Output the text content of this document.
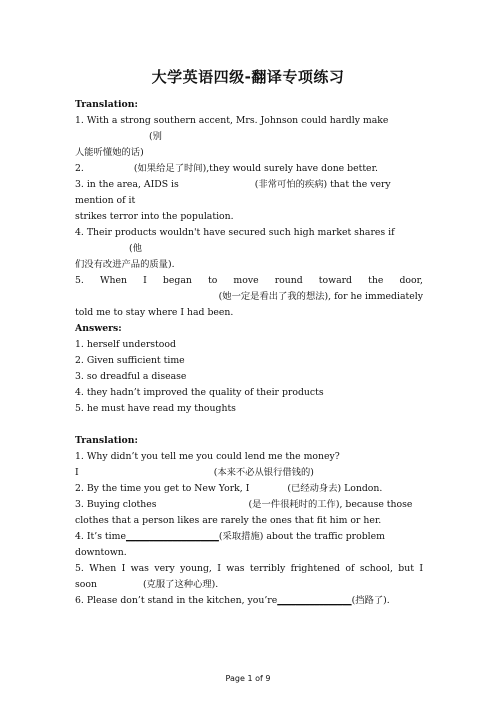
大学英语四级-翻译专项练习

Translation:

1. With a strong southern accent, Mrs. Johnson could hardly make(别

人能听懂她的话)

2.	(如果给足了时间),they would surely have done better.

3. in the area, AIDS is	(非常可怕的疾病) that the very mention of it

strikes terror into the population.

4. Their products wouldn't have secured such high market shares if(他

们没有改进产品的质量).

5. When I began to move round toward the door,

(她一定是看出了我的想法), for he immediately

told me to stay where I had been.

Answers:

1. herself understood

2. Given sufficient time

3. so dreadful a disease

4. they hadn’t improved the quality of their products

5. he must have read my thoughts

Translation:

1. Why didn’t you tell me you could lend me the money?

I	(本来不必从银行借钱的)

2. By the time you get to New York, I	(已经动身去) London.

3. Buying clothes	(是一件很耗时的工作), because those

clothes that a person likes are rarely the ones that fit him or her.

4. It’s time____________________(采取措施) about the traffic problem downtown.

5. When I was very young, I was terribly frightened of school, but I

soon	(克服了这种心理).

6. Please don’t stand in the kitchen, you’re________________(挡路了).

Page 1 of 9
